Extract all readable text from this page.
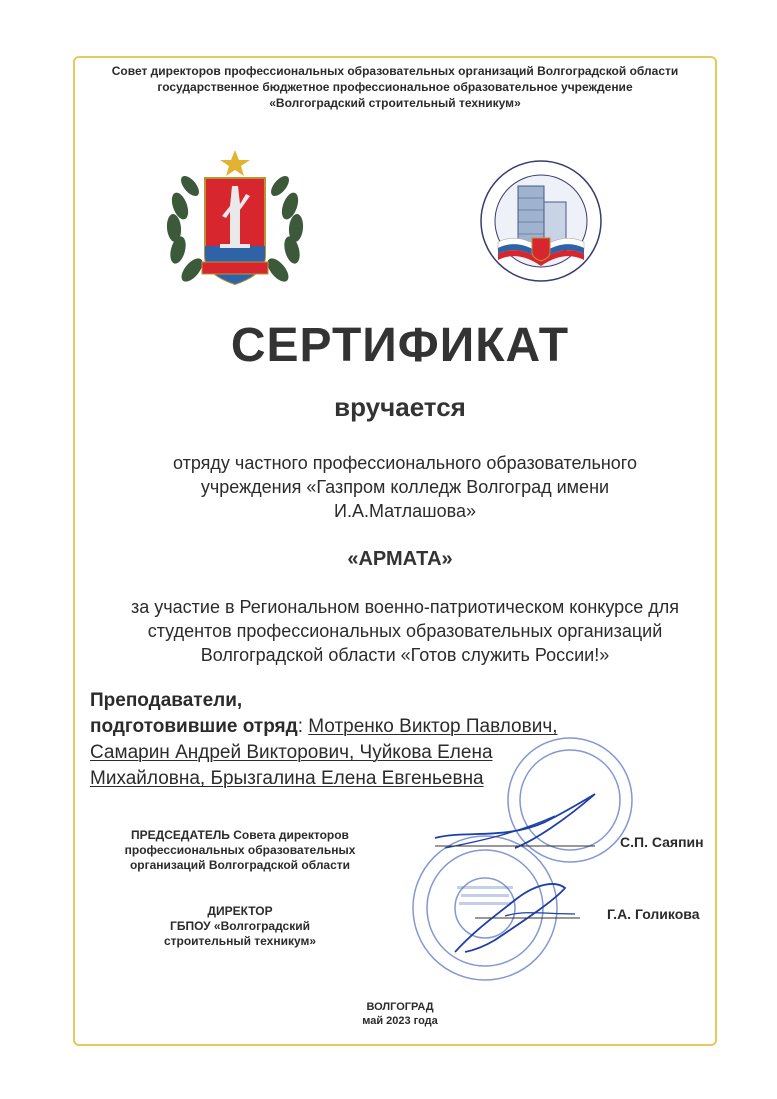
Совет директоров профессиональных образовательных организаций Волгоградской области
государственное бюджетное профессиональное образовательное учреждение
«Волгоградский строительный техникум»
СЕРТИФИКАТ
вручается
отряду частного профессионального образовательного
учреждения «Газпром колледж Волгоград имени
И.А.Матлашова»
«АРМАТА»
за участие в Региональном военно-патриотическом конкурсе для
студентов профессиональных образовательных организаций
Волгоградской области «Готов служить России!»
Преподаватели,
подготовившие отряд: Мотренко Виктор Павлович,
Самарин Андрей Викторович, Чуйкова Елена
Михайловна, Брызгалина Елена Евгеньевна
ПРЕДСЕДАТЕЛЬ Совета директоров
профессиональных образовательных
организаций Волгоградской области
С.П. Саяпин
ДИРЕКТОР
ГБПОУ «Волгоградский
строительный техникум»
Г.А. Голикова
ВОЛГОГРАД
май 2023 года
